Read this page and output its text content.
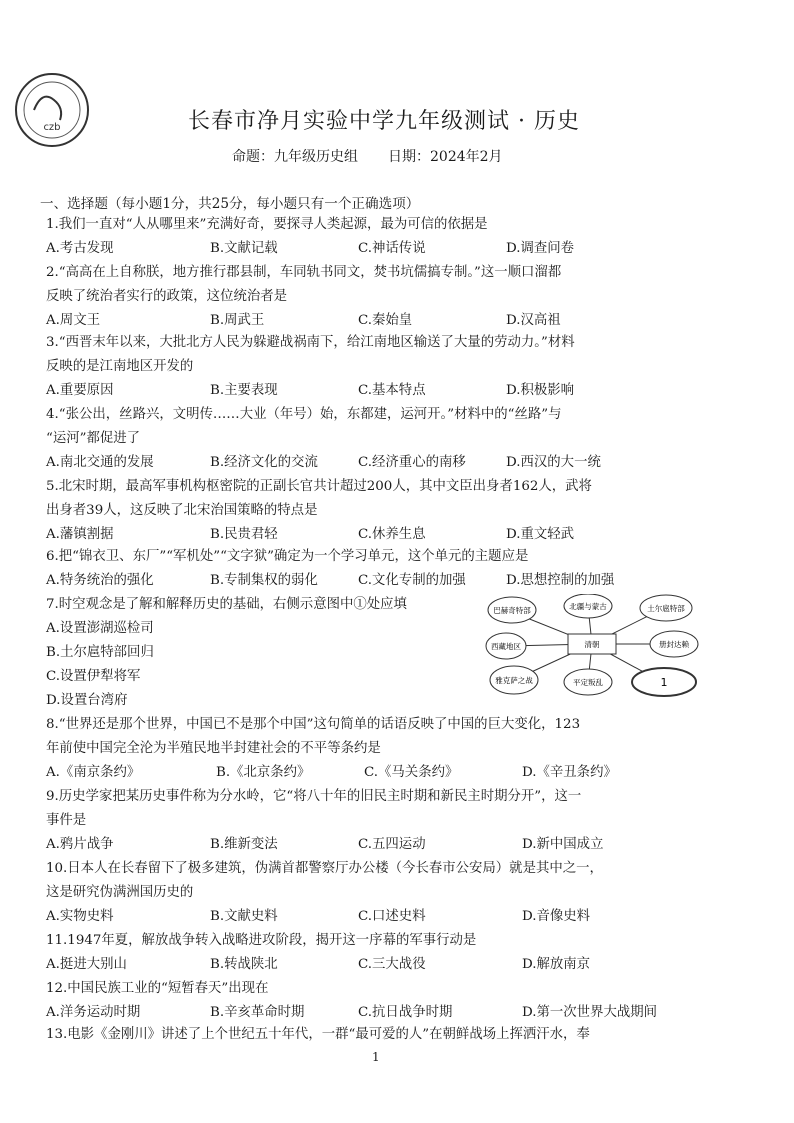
czb	长春市净月实验中学九年级测试 · 历史
命题：九年级历史组 日期：2024年2月
一、选择题（每小题1分，共25分，每小题只有一个正确选项）
1.我们一直对“人从哪里来”充满好奇，要探寻人类起源，最为可信的依据是
A.考古发现	B.文献记载	C.神话传说	D.调查问卷
2.“高高在上自称朕，地方推行郡县制，车同轨书同文，焚书坑儒搞专制。”这一顺口溜都
反映了统治者实行的政策，这位统治者是
A.周文王	B.周武王	C.秦始皇	D.汉高祖
3.“西晋末年以来，大批北方人民为躲避战祸南下，给江南地区输送了大量的劳动力。”材料
反映的是江南地区开发的
A.重要原因	B.主要表现	C.基本特点	D.积极影响
4.“张公出，丝路兴，文明传……大业（年号）始，东都建，运河开。”材料中的“丝路”与
“运河”都促进了
A.南北交通的发展	B.经济文化的交流	C.经济重心的南移	D.西汉的大一统
5.北宋时期，最高军事机构枢密院的正副长官共计超过200人，其中文臣出身者162人，武将
出身者39人，这反映了北宋治国策略的特点是
A.藩镇割据	B.民贵君轻	C.休养生息	D.重文轻武
6.把“锦衣卫、东厂”“军机处”“文字狱”确定为一个学习单元，这个单元的主题应是
A.特务统治的强化	B.专制集权的弱化	C.文化专制的加强	D.思想控制的加强
7.时空观念是了解和解释历史的基础，右侧示意图中①处应填
A.设置澎湖巡检司
B.土尔扈特部回归
C.设置伊犁将军
D.设置台湾府
清朝
巴赫奇特部	北疆与蒙古	土尔扈特部
西藏地区	册封达赖
雅克萨之战	平定叛乱	1
8.“世界还是那个世界，中国已不是那个中国”这句简单的话语反映了中国的巨大变化，123
年前使中国完全沦为半殖民地半封建社会的不平等条约是
A.《南京条约》	B.《北京条约》	C.《马关条约》	D.《辛丑条约》
9.历史学家把某历史事件称为分水岭，它“将八十年的旧民主时期和新民主时期分开”，这一
事件是
A.鸦片战争	B.维新变法	C.五四运动	D.新中国成立
10.日本人在长春留下了极多建筑，伪满首都警察厅办公楼（今长春市公安局）就是其中之一，
这是研究伪满洲国历史的
A.实物史料	B.文献史料	C.口述史料	D.音像史料
11.1947年夏，解放战争转入战略进攻阶段，揭开这一序幕的军事行动是
A.挺进大别山	B.转战陕北	C.三大战役	D.解放南京
12.中国民族工业的“短暂春天”出现在
A.洋务运动时期	B.辛亥革命时期	C.抗日战争时期	D.第一次世界大战期间
13.电影《金刚川》讲述了上个世纪五十年代，一群“最可爱的人”在朝鲜战场上挥洒汗水，奉
1
